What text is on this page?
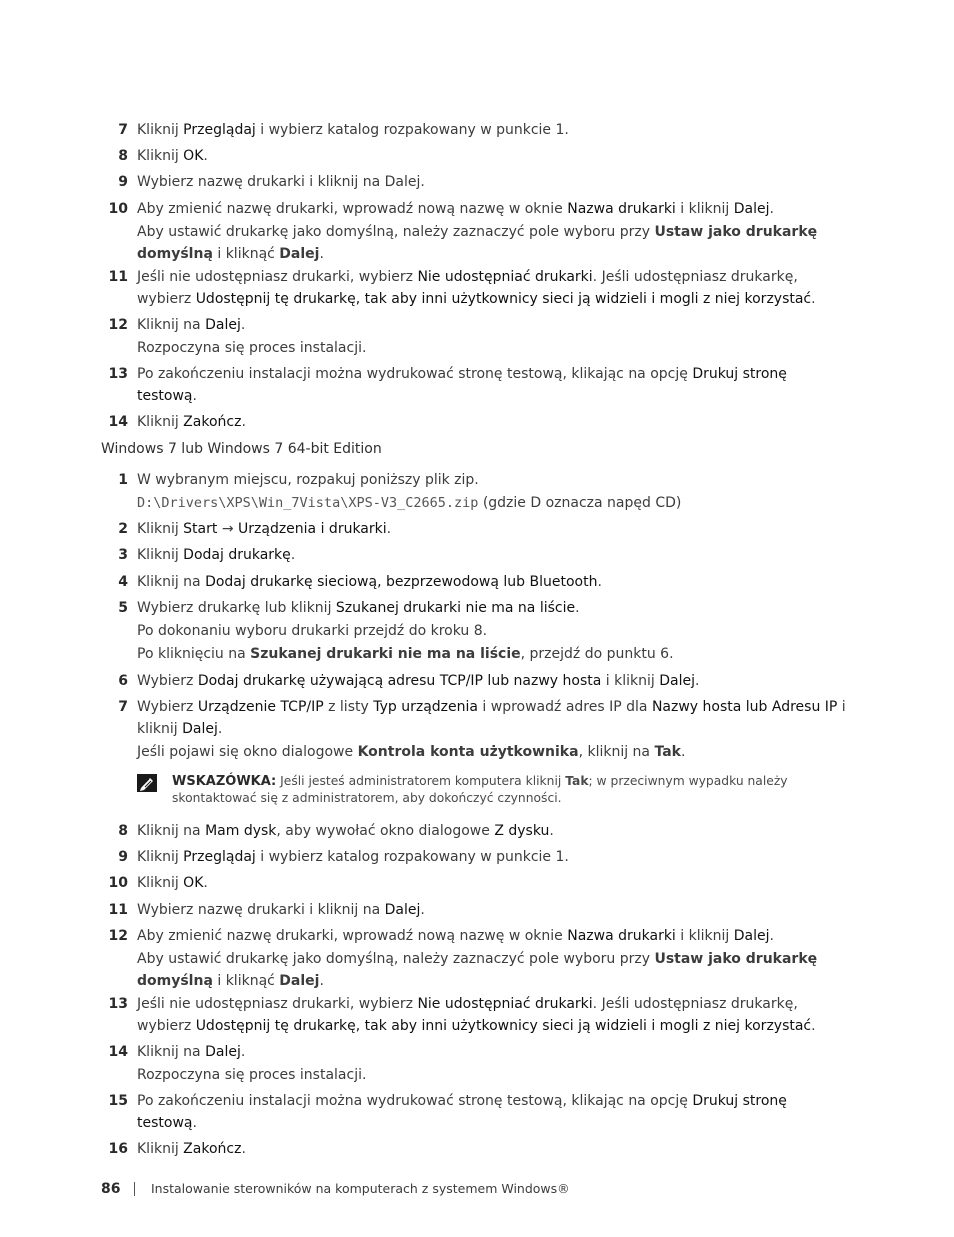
7 Kliknij Przeglądaj i wybierz katalog rozpakowany w punkcie 1.
8 Kliknij OK.
9 Wybierz nazwę drukarki i kliknij na Dalej.
10 Aby zmienić nazwę drukarki, wprowadź nową nazwę w oknie Nazwa drukarki i kliknij Dalej.
Aby ustawić drukarkę jako domyślną, należy zaznaczyć pole wyboru przy Ustaw jako drukarkę domyślną i kliknąć Dalej.
11 Jeśli nie udostępniasz drukarki, wybierz Nie udostępniać drukarki. Jeśli udostępniasz drukarkę, wybierz Udostępnij tę drukarkę, tak aby inni użytkownicy sieci ją widzieli i mogli z niej korzystać.
12 Kliknij na Dalej.
Rozpoczyna się proces instalacji.
13 Po zakończeniu instalacji można wydrukować stronę testową, klikając na opcję Drukuj stronę testową.
14 Kliknij Zakończ.
1 W wybranym miejscu, rozpakuj poniższy plik zip.
D:\Drivers\XPS\Win_7Vista\XPS-V3_C2665.zip (gdzie D oznacza napęd CD)
2 Kliknij Start → Urządzenia i drukarki.
3 Kliknij Dodaj drukarkę.
4 Kliknij na Dodaj drukarkę sieciową, bezprzewodową lub Bluetooth.
5 Wybierz drukarkę lub kliknij Szukanej drukarki nie ma na liście.
Po dokonaniu wyboru drukarki przejdź do kroku 8.
Po kliknięciu na Szukanej drukarki nie ma na liście, przejdź do punktu 6.
6 Wybierz Dodaj drukarkę używającą adresu TCP/IP lub nazwy hosta i kliknij Dalej.
7 Wybierz Urządzenie TCP/IP z listy Typ urządzenia i wprowadź adres IP dla Nazwy hosta lub Adresu IP i kliknij Dalej.
Jeśli pojawi się okno dialogowe Kontrola konta użytkownika, kliknij na Tak.
8 Kliknij na Mam dysk, aby wywołać okno dialogowe Z dysku.
9 Kliknij Przeglądaj i wybierz katalog rozpakowany w punkcie 1.
10 Kliknij OK.
11 Wybierz nazwę drukarki i kliknij na Dalej.
12 Aby zmienić nazwę drukarki, wprowadź nową nazwę w oknie Nazwa drukarki i kliknij Dalej.
Aby ustawić drukarkę jako domyślną, należy zaznaczyć pole wyboru przy Ustaw jako drukarkę domyślną i kliknąć Dalej.
13 Jeśli nie udostępniasz drukarki, wybierz Nie udostępniać drukarki. Jeśli udostępniasz drukarkę, wybierz Udostępnij tę drukarkę, tak aby inni użytkownicy sieci ją widzieli i mogli z niej korzystać.
14 Kliknij na Dalej.
Rozpoczyna się proces instalacji.
15 Po zakończeniu instalacji można wydrukować stronę testową, klikając na opcję Drukuj stronę testową.
16 Kliknij Zakończ.
Windows 7 lub Windows 7 64-bit Edition
WSKAZÓWKA: Jeśli jesteś administratorem komputera kliknij Tak; w przeciwnym wypadku należy skontaktować się z administratorem, aby dokończyć czynności.
86 Instalowanie sterowników na komputerach z systemem Windows®
